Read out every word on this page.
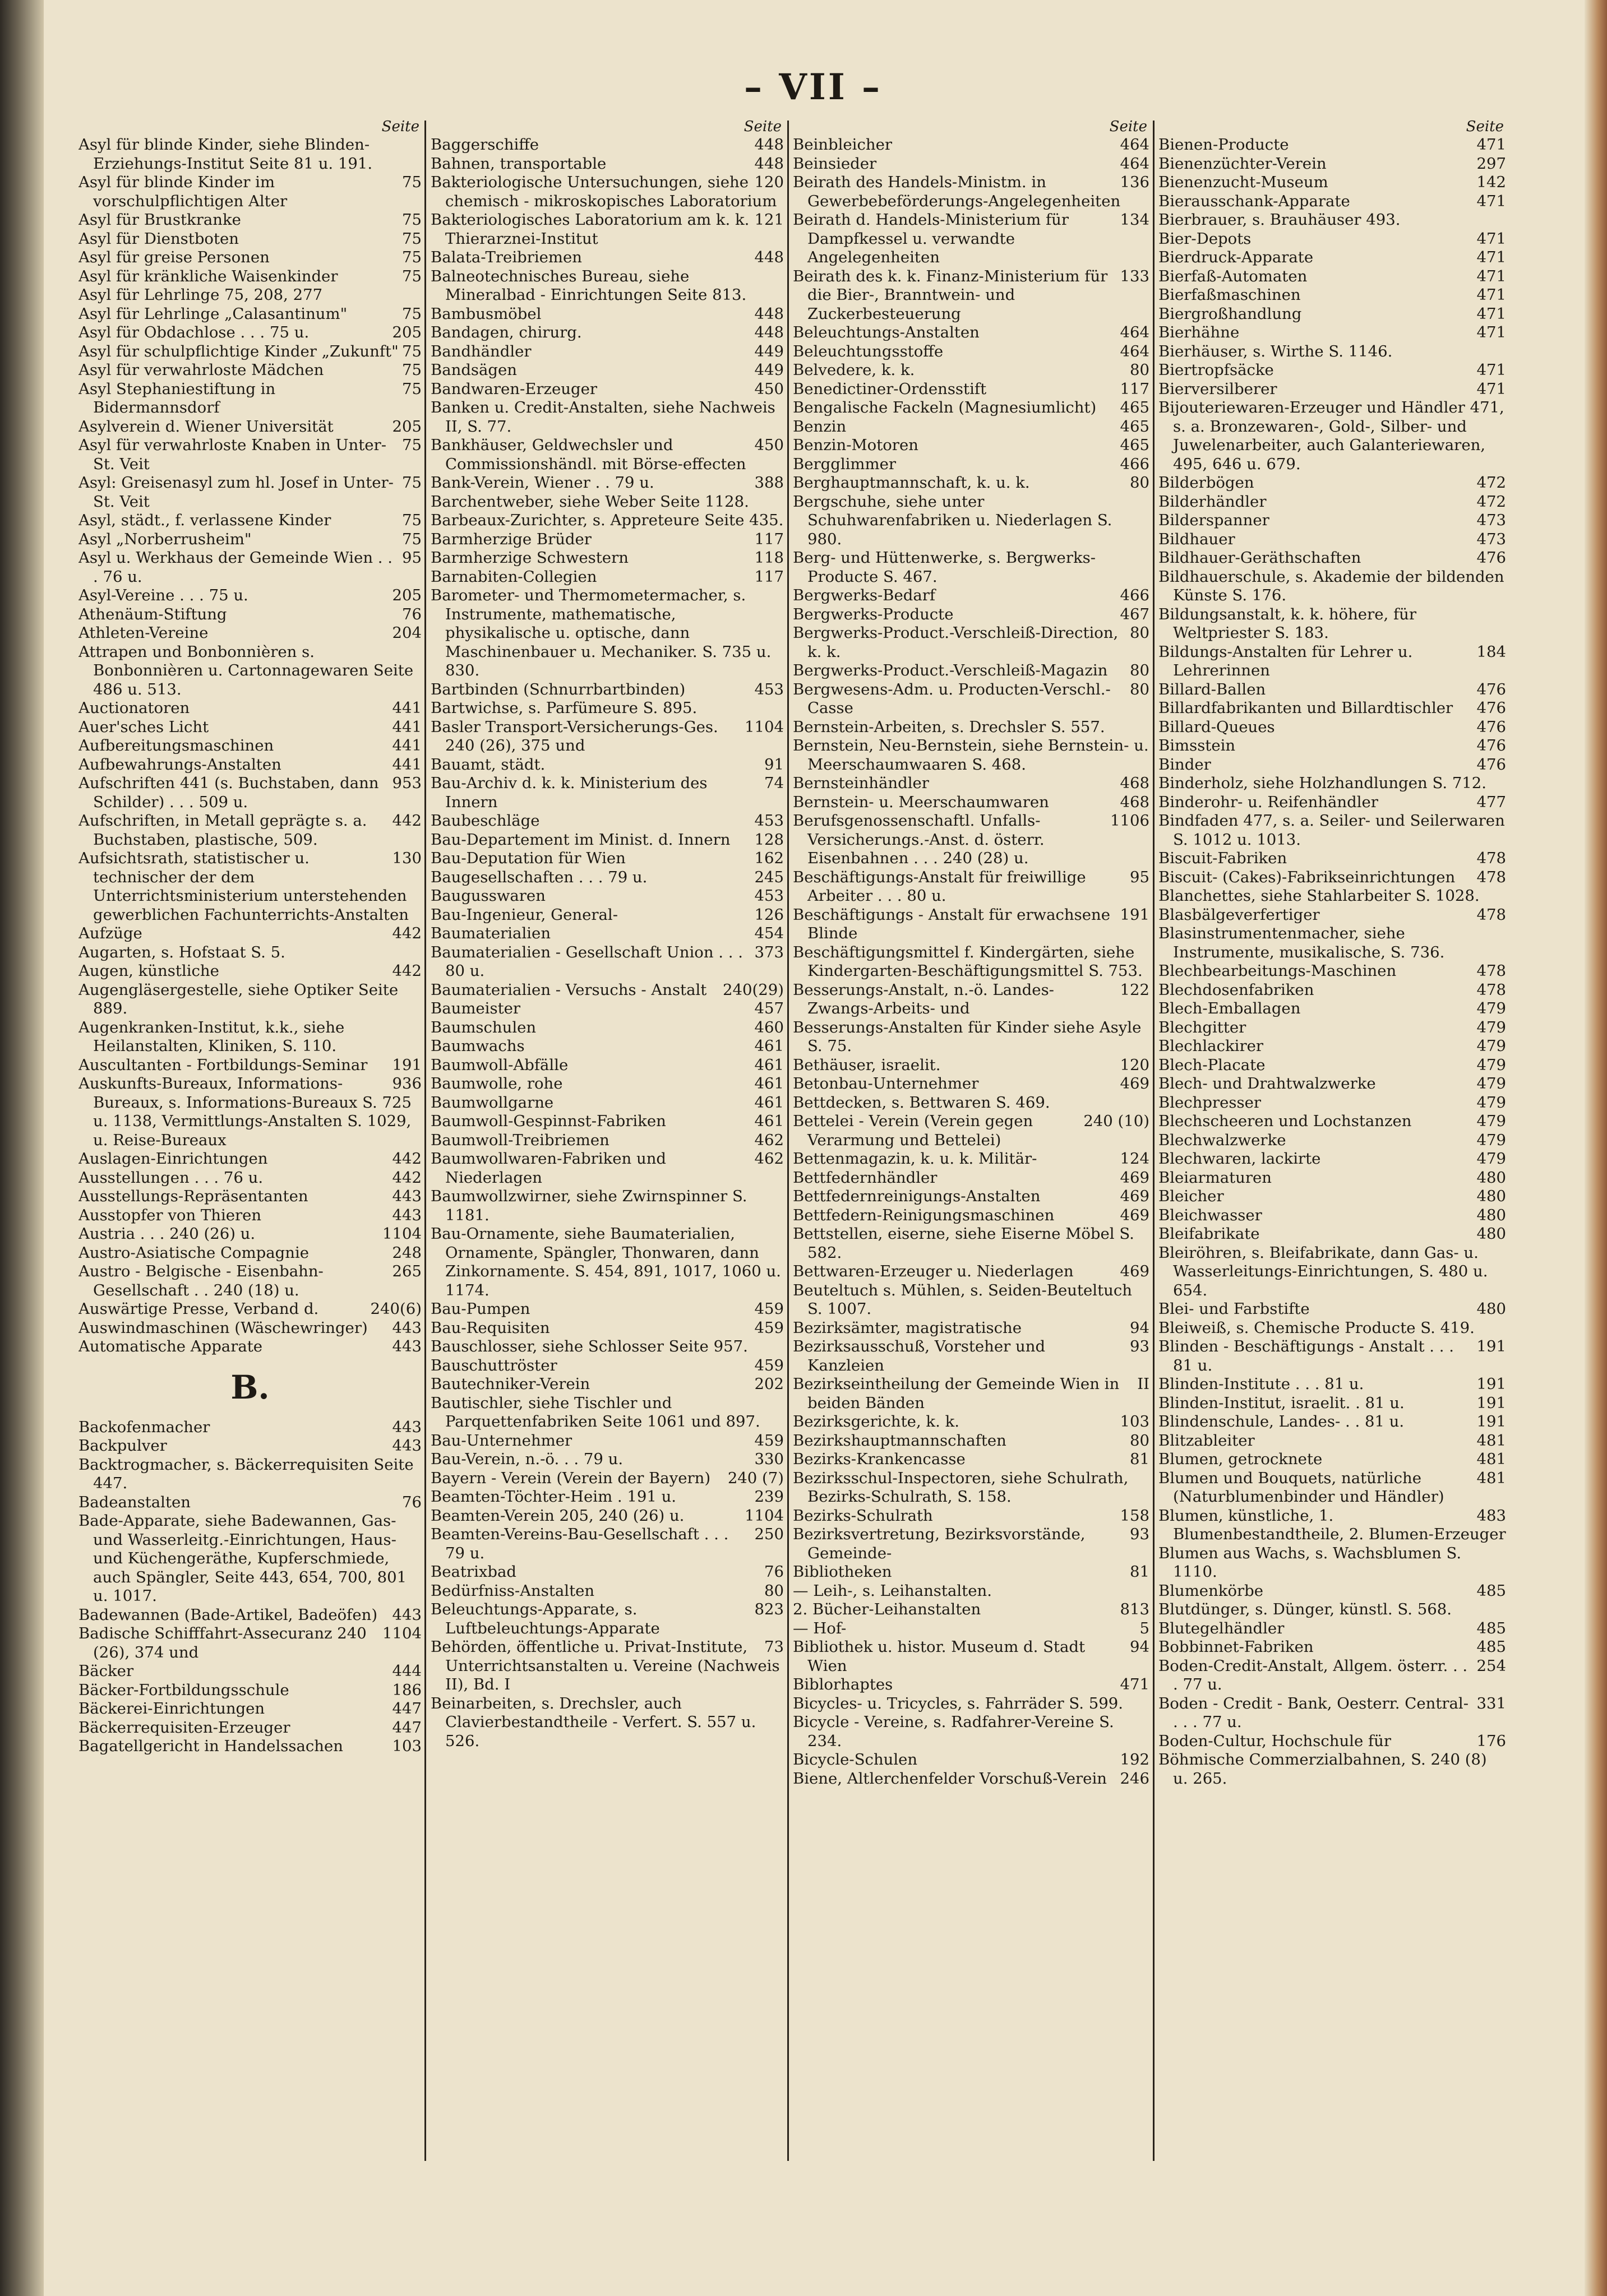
– VII –
Seite
Asyl für blinde Kinder, siehe Blinden-Erziehungs-Institut Seite 81 u. 191.
75
Asyl für blinde Kinder im vorschulpflichtigen Alter
75
Asyl für Brustkranke
75
Asyl für Dienstboten
75
Asyl für greise Personen
75
Asyl für kränkliche Waisenkinder
Asyl für Lehrlinge 75, 208, 277
75
Asyl für Lehrlinge „Calasantinum"
205
Asyl für Obdachlose . . . 75 u.
75
Asyl für schulpflichtige Kinder „Zukunft"
75
Asyl für verwahrloste Mädchen
75
Asyl Stephaniestiftung in Bidermannsdorf
205
Asylverein d. Wiener Universität
75
Asyl für verwahrloste Knaben in Unter-St. Veit
75
Asyl: Greisenasyl zum hl. Josef in Unter-St. Veit
75
Asyl, städt., f. verlassene Kinder
75
Asyl „Norberrusheim"
95
Asyl u. Werkhaus der Gemeinde Wien . . . 76 u.
205
Asyl-Vereine . . . 75 u.
76
Athenäum-Stiftung
204
Athleten-Vereine
Attrapen und Bonbonnièren s. Bonbonnièren u. Cartonnagewaren Seite 486 u. 513.
441
Auctionatoren
441
Auer'sches Licht
441
Aufbereitungsmaschinen
441
Aufbewahrungs-Anstalten
953
Aufschriften 441 (s. Buchstaben, dann Schilder) . . . 509 u.
442
Aufschriften, in Metall geprägte s. a. Buchstaben, plastische, 509.
130
Aufsichtsrath, statistischer u. technischer der dem Unterrichtsministerium unterstehenden gewerblichen Fachunterrichts-Anstalten
442
Aufzüge
Augarten, s. Hofstaat S. 5.
442
Augen, künstliche
Augengläsergestelle, siehe Optiker Seite 889.
Augenkranken-Institut, k.k., siehe Heilanstalten, Kliniken, S. 110.
191
Auscultanten - Fortbildungs-Seminar
936
Auskunfts-Bureaux, Informations-Bureaux, s. Informations-Bureaux S. 725 u. 1138, Vermittlungs-Anstalten S. 1029, u. Reise-Bureaux
442
Auslagen-Einrichtungen
442
Ausstellungen . . . 76 u.
443
Ausstellungs-Repräsentanten
443
Ausstopfer von Thieren
1104
Austria . . . 240 (26) u.
248
Austro-Asiatische Compagnie
265
Austro - Belgische - Eisenbahn-Gesellschaft . . 240 (18) u.
240(6)
Auswärtige Presse, Verband d.
443
Auswindmaschinen (Wäschewringer)
443
Automatische Apparate
B.
443
Backofenmacher
443
Backpulver
Backtrogmacher, s. Bäckerrequisiten Seite 447.
76
Badeanstalten
Bade-Apparate, siehe Badewannen, Gas- und Wasserleitg.-Einrichtungen, Haus- und Küchengeräthe, Kupferschmiede, auch Spängler, Seite 443, 654, 700, 801 u. 1017.
443
Badewannen (Bade-Artikel, Badeöfen)
1104
Badische Schifffahrt-Assecuranz 240 (26), 374 und
444
Bäcker
186
Bäcker-Fortbildungsschule
447
Bäckerei-Einrichtungen
447
Bäckerrequisiten-Erzeuger
103
Bagatellgericht in Handelssachen
Seite
448
Baggerschiffe
448
Bahnen, transportable
120
Bakteriologische Untersuchungen, siehe chemisch - mikroskopisches Laboratorium
121
Bakteriologisches Laboratorium am k. k. Thierarznei-Institut
448
Balata-Treibriemen
Balneotechnisches Bureau, siehe Mineralbad - Einrichtungen Seite 813.
448
Bambusmöbel
448
Bandagen, chirurg.
449
Bandhändler
449
Bandsägen
450
Bandwaren-Erzeuger
Banken u. Credit-Anstalten, siehe Nachweis II, S. 77.
450
Bankhäuser, Geldwechsler und Commissionshändl. mit Börse-effecten
388
Bank-Verein, Wiener . . 79 u.
Barchentweber, siehe Weber Seite 1128.
Barbeaux-Zurichter, s. Appreteure Seite 435.
117
Barmherzige Brüder
118
Barmherzige Schwestern
117
Barnabiten-Collegien
Barometer- und Thermometermacher, s. Instrumente, mathematische, physikalische u. optische, dann Maschinenbauer u. Mechaniker. S. 735 u. 830.
453
Bartbinden (Schnurrbartbinden)
Bartwichse, s. Parfümeure S. 895.
1104
Basler Transport-Versicherungs-Ges. 240 (26), 375 und
91
Bauamt, städt.
74
Bau-Archiv d. k. k. Ministerium des Innern
453
Baubeschläge
128
Bau-Departement im Minist. d. Innern
162
Bau-Deputation für Wien
245
Baugesellschaften . . . 79 u.
453
Baugusswaren
126
Bau-Ingenieur, General-
454
Baumaterialien
373
Baumaterialien - Gesellschaft Union . . . 80 u.
240(29)
Baumaterialien - Versuchs - Anstalt
457
Baumeister
460
Baumschulen
461
Baumwachs
461
Baumwoll-Abfälle
461
Baumwolle, rohe
461
Baumwollgarne
461
Baumwoll-Gespinnst-Fabriken
462
Baumwoll-Treibriemen
462
Baumwollwaren-Fabriken und Niederlagen
Baumwollzwirner, siehe Zwirnspinner S. 1181.
Bau-Ornamente, siehe Baumaterialien, Ornamente, Spängler, Thonwaren, dann Zinkornamente. S. 454, 891, 1017, 1060 u. 1174.
459
Bau-Pumpen
459
Bau-Requisiten
Bauschlosser, siehe Schlosser Seite 957.
459
Bauschuttröster
202
Bautechniker-Verein
Bautischler, siehe Tischler und Parquettenfabriken Seite 1061 und 897.
459
Bau-Unternehmer
330
Bau-Verein, n.-ö. . . 79 u.
240 (7)
Bayern - Verein (Verein der Bayern)
239
Beamten-Töchter-Heim . 191 u.
1104
Beamten-Verein 205, 240 (26) u.
250
Beamten-Vereins-Bau-Gesellschaft . . . 79 u.
76
Beatrixbad
80
Bedürfniss-Anstalten
823
Beleuchtungs-Apparate, s. Luftbeleuchtungs-Apparate
73
Behörden, öffentliche u. Privat-Institute, Unterrichtsanstalten u. Vereine (Nachweis II), Bd. I
Beinarbeiten, s. Drechsler, auch Clavierbestandtheile - Verfert. S. 557 u. 526.
Seite
464
Beinbleicher
464
Beinsieder
136
Beirath des Handels-Ministm. in Gewerbebeförderungs-Angelegenheiten
134
Beirath d. Handels-Ministerium für Dampfkessel u. verwandte Angelegenheiten
133
Beirath des k. k. Finanz-Ministerium für die Bier-, Branntwein- und Zuckerbesteuerung
464
Beleuchtungs-Anstalten
464
Beleuchtungsstoffe
80
Belvedere, k. k.
117
Benedictiner-Ordensstift
465
Bengalische Fackeln (Magnesiumlicht)
465
Benzin
465
Benzin-Motoren
466
Bergglimmer
80
Berghauptmannschaft, k. u. k.
Bergschuhe, siehe unter Schuhwarenfabriken u. Niederlagen S. 980.
Berg- und Hüttenwerke, s. Bergwerks-Producte S. 467.
466
Bergwerks-Bedarf
467
Bergwerks-Producte
80
Bergwerks-Product.-Verschleiß-Direction, k. k.
80
Bergwerks-Product.-Verschleiß-Magazin
80
Bergwesens-Adm. u. Producten-Verschl.-Casse
Bernstein-Arbeiten, s. Drechsler S. 557.
Bernstein, Neu-Bernstein, siehe Bernstein- u. Meerschaumwaaren S. 468.
468
Bernsteinhändler
468
Bernstein- u. Meerschaumwaren
1106
Berufsgenossenschaftl. Unfalls-Versicherungs.-Anst. d. österr. Eisenbahnen . . . 240 (28) u.
95
Beschäftigungs-Anstalt für freiwillige Arbeiter . . . 80 u.
191
Beschäftigungs - Anstalt für erwachsene Blinde
Beschäftigungsmittel f. Kindergärten, siehe Kindergarten-Beschäftigungsmittel S. 753.
122
Besserungs-Anstalt, n.-ö. Landes-Zwangs-Arbeits- und
Besserungs-Anstalten für Kinder siehe Asyle S. 75.
120
Bethäuser, israelit.
469
Betonbau-Unternehmer
Bettdecken, s. Bettwaren S. 469.
240 (10)
Bettelei - Verein (Verein gegen Verarmung und Bettelei)
124
Bettenmagazin, k. u. k. Militär-
469
Bettfedernhändler
469
Bettfedernreinigungs-Anstalten
469
Bettfedern-Reinigungsmaschinen
Bettstellen, eiserne, siehe Eiserne Möbel S. 582.
469
Bettwaren-Erzeuger u. Niederlagen
Beuteltuch s. Mühlen, s. Seiden-Beuteltuch S. 1007.
94
Bezirksämter, magistratische
93
Bezirksausschuß, Vorsteher und Kanzleien
II
Bezirkseintheilung der Gemeinde Wien in beiden Bänden
103
Bezirksgerichte, k. k.
80
Bezirkshauptmannschaften
81
Bezirks-Krankencasse
Bezirksschul-Inspectoren, siehe Schulrath, Bezirks-Schulrath, S. 158.
158
Bezirks-Schulrath
93
Bezirksvertretung, Bezirksvorstände, Gemeinde-
81
Bibliotheken
— Leih-, s. Leihanstalten.
813
2. Bücher-Leihanstalten
5
— Hof-
94
Bibliothek u. histor. Museum d. Stadt Wien
471
Biblorhaptes
Bicycles- u. Tricycles, s. Fahrräder S. 599.
Bicycle - Vereine, s. Radfahrer-Vereine S. 234.
192
Bicycle-Schulen
246
Biene, Altlerchenfelder Vorschuß-Verein
Seite
471
Bienen-Producte
297
Bienenzüchter-Verein
142
Bienenzucht-Museum
471
Bierausschank-Apparate
Bierbrauer, s. Brauhäuser 493.
471
Bier-Depots
471
Bierdruck-Apparate
471
Bierfaß-Automaten
471
Bierfaßmaschinen
471
Biergroßhandlung
471
Bierhähne
Bierhäuser, s. Wirthe S. 1146.
471
Biertropfsäcke
471
Bierversilberer
Bijouteriewaren-Erzeuger und Händler 471, s. a. Bronzewaren-, Gold-, Silber- und Juwelenarbeiter, auch Galanteriewaren, 495, 646 u. 679.
472
Bilderbögen
472
Bilderhändler
473
Bilderspanner
473
Bildhauer
476
Bildhauer-Geräthschaften
Bildhauerschule, s. Akademie der bildenden Künste S. 176.
Bildungsanstalt, k. k. höhere, für Weltpriester S. 183.
184
Bildungs-Anstalten für Lehrer u. Lehrerinnen
476
Billard-Ballen
476
Billardfabrikanten und Billardtischler
476
Billard-Queues
476
Bimsstein
476
Binder
Binderholz, siehe Holzhandlungen S. 712.
477
Binderohr- u. Reifenhändler
Bindfaden 477, s. a. Seiler- und Seilerwaren S. 1012 u. 1013.
478
Biscuit-Fabriken
478
Biscuit- (Cakes)-Fabrikseinrichtungen
Blanchettes, siehe Stahlarbeiter S. 1028.
478
Blasbälgeverfertiger
Blasinstrumentenmacher, siehe Instrumente, musikalische, S. 736.
478
Blechbearbeitungs-Maschinen
478
Blechdosenfabriken
479
Blech-Emballagen
479
Blechgitter
479
Blechlackirer
479
Blech-Placate
479
Blech- und Drahtwalzwerke
479
Blechpresser
479
Blechscheeren und Lochstanzen
479
Blechwalzwerke
479
Blechwaren, lackirte
480
Bleiarmaturen
480
Bleicher
480
Bleichwasser
480
Bleifabrikate
Bleiröhren, s. Bleifabrikate, dann Gas- u. Wasserleitungs-Einrichtungen, S. 480 u. 654.
480
Blei- und Farbstifte
Bleiweiß, s. Chemische Producte S. 419.
191
Blinden - Beschäftigungs - Anstalt . . . 81 u.
191
Blinden-Institute . . . 81 u.
191
Blinden-Institut, israelit. . 81 u.
191
Blindenschule, Landes- . . 81 u.
481
Blitzableiter
481
Blumen, getrocknete
481
Blumen und Bouquets, natürliche (Naturblumenbinder und Händler)
483
Blumen, künstliche, 1. Blumenbestandtheile, 2. Blumen-Erzeuger
Blumen aus Wachs, s. Wachsblumen S. 1110.
485
Blumenkörbe
Blutdünger, s. Dünger, künstl. S. 568.
485
Blutegelhändler
485
Bobbinnet-Fabriken
254
Boden-Credit-Anstalt, Allgem. österr. . . . 77 u.
331
Boden - Credit - Bank, Oesterr. Central- . . . 77 u.
176
Boden-Cultur, Hochschule für
Böhmische Commerzialbahnen, S. 240 (8) u. 265.
